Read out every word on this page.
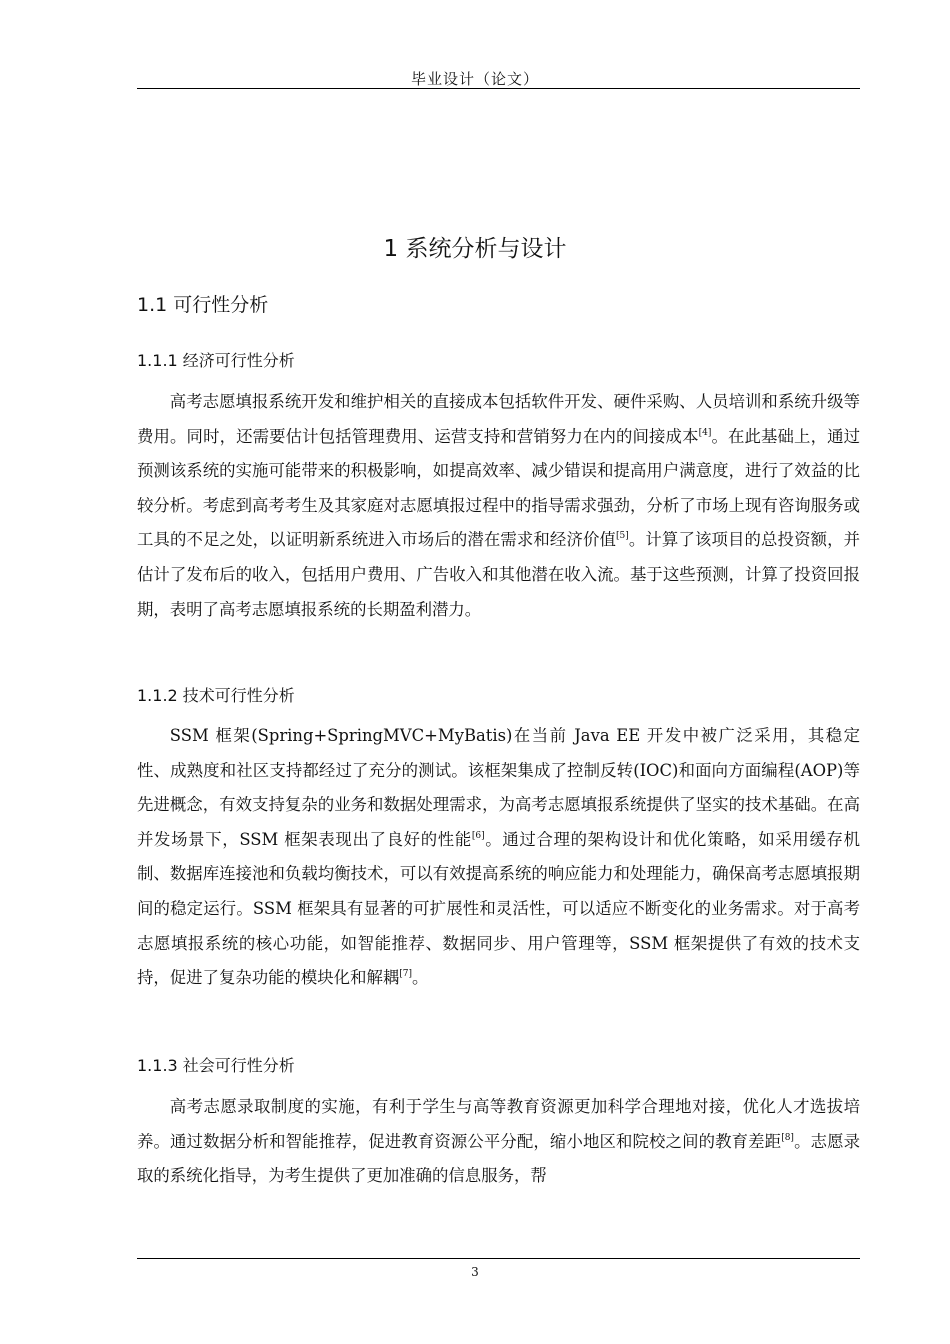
毕业设计（论文）
1 系统分析与设计
1.1 可行性分析
1.1.1 经济可行性分析

高考志愿填报系统开发和维护相关的直接成本包括软件开发、硬件采购、人员培训和系统升级等费用。同时，还需要估计包括管理费用、运营支持和营销努力在内的间接成本[4]。在此基础上，通过预测该系统的实施可能带来的积极影响，如提高效率、减少错误和提高用户满意度，进行了效益的比较分析。考虑到高考考生及其家庭对志愿填报过程中的指导需求强劲，分析了市场上现有咨询服务或工具的不足之处，以证明新系统进入市场后的潜在需求和经济价值[5]。计算了该项目的总投资额，并估计了发布后的收入，包括用户费用、广告收入和其他潜在收入流。基于这些预测，计算了投资回报期，表明了高考志愿填报系统的长期盈利潜力。

1.1.2 技术可行性分析

SSM 框架(Spring+SpringMVC+MyBatis)在当前 Java EE 开发中被广泛采用，其稳定性、成熟度和社区支持都经过了充分的测试。该框架集成了控制反转(IOC)和面向方面编程(AOP)等先进概念，有效支持复杂的业务和数据处理需求，为高考志愿填报系统提供了坚实的技术基础。在高并发场景下，SSM 框架表现出了良好的性能[6]。通过合理的架构设计和优化策略，如采用缓存机制、数据库连接池和负载均衡技术，可以有效提高系统的响应能力和处理能力，确保高考志愿填报期间的稳定运行。SSM 框架具有显著的可扩展性和灵活性，可以适应不断变化的业务需求。对于高考志愿填报系统的核心功能，如智能推荐、数据同步、用户管理等，SSM 框架提供了有效的技术支持，促进了复杂功能的模块化和解耦[7]。

1.1.3 社会可行性分析

高考志愿录取制度的实施，有利于学生与高等教育资源更加科学合理地对接，优化人才选拔培养。通过数据分析和智能推荐，促进教育资源公平分配，缩小地区和院校之间的教育差距[8]。志愿录取的系统化指导，为考生提供了更加准确的信息服务，帮

3
